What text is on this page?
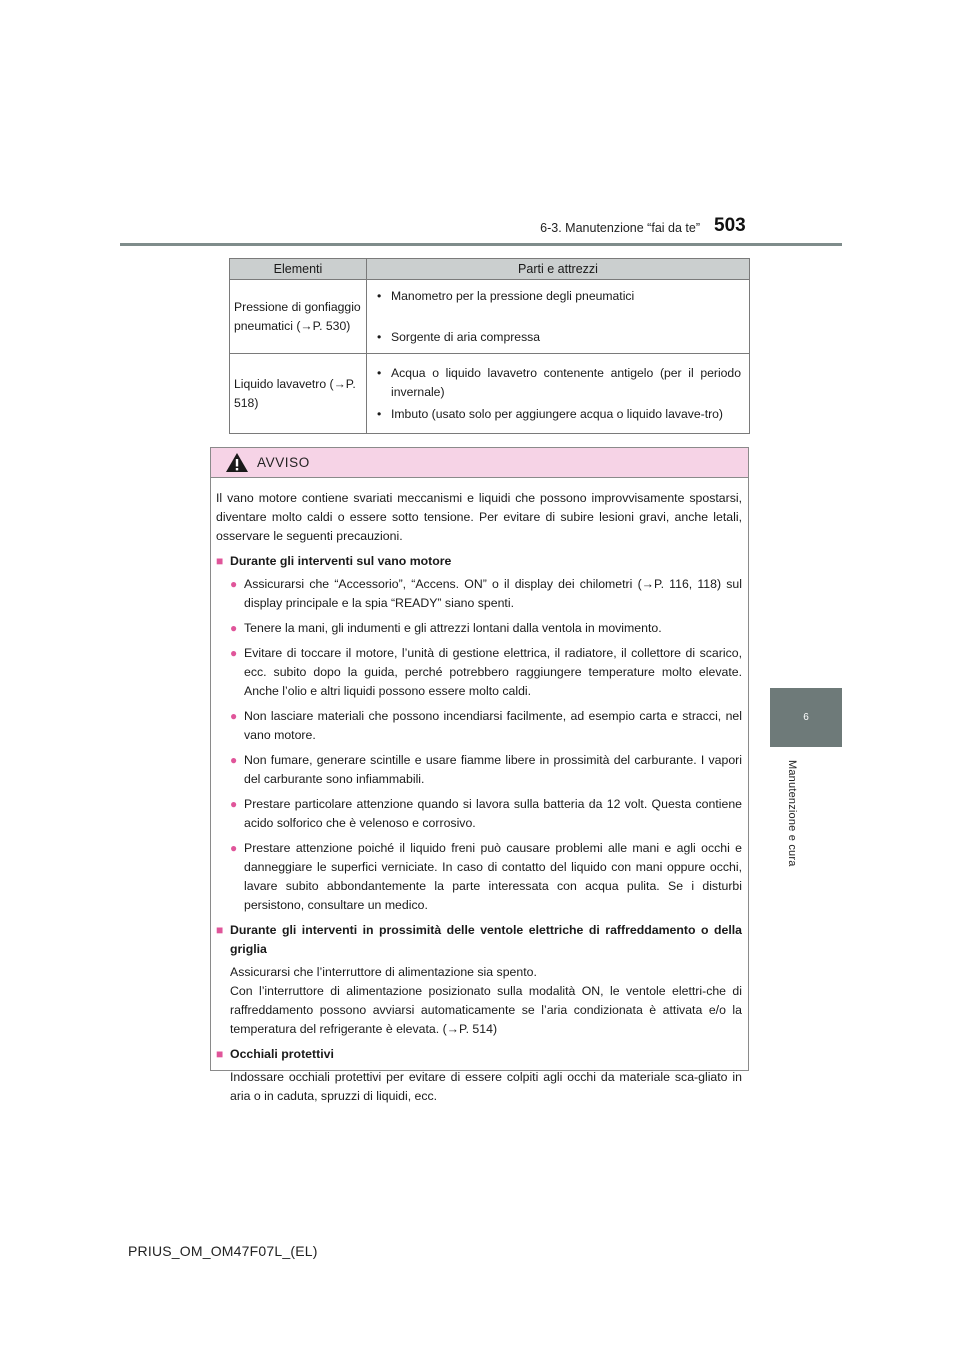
6-3. Manutenzione “fai da te” 503
6
Manutenzione e cura
Elementi	Parti e attrezzi
Pressione di gonfiaggio pneumatici (→P. 530)	• Manometro per la pressione degli pneumatici
• Sorgente di aria compressa

Liquido lavavetro (→P. 518)	• Acqua o liquido lavavetro contenente antigelo (per il periodo invernale)
• Imbuto (usato solo per aggiungere acqua o liquido lavave-tro)
AVVISO

Il vano motore contiene svariati meccanismi e liquidi che possono improvvisamente spostarsi, diventare molto caldi o essere sotto tensione. Per evitare di subire lesioni gravi, anche letali, osservare le seguenti precauzioni.

■ Durante gli interventi sul vano motore
● Assicurarsi che “Accessorio”, “Accens. ON” o il display dei chilometri (→P. 116, 118) sul display principale e la spia “READY” siano spenti.
● Tenere la mani, gli indumenti e gli attrezzi lontani dalla ventola in movimento.
● Evitare di toccare il motore, l’unità di gestione elettrica, il radiatore, il collettore di scarico, ecc. subito dopo la guida, perché potrebbero raggiungere temperature molto elevate. Anche l’olio e altri liquidi possono essere molto caldi.
● Non lasciare materiali che possono incendiarsi facilmente, ad esempio carta e stracci, nel vano motore.
● Non fumare, generare scintille e usare fiamme libere in prossimità del carburante. I vapori del carburante sono infiammabili.
● Prestare particolare attenzione quando si lavora sulla batteria da 12 volt. Questa contiene acido solforico che è velenoso e corrosivo.
● Prestare attenzione poiché il liquido freni può causare problemi alle mani e agli occhi e danneggiare le superfici verniciate. In caso di contatto del liquido con mani oppure occhi, lavare subito abbondantemente la parte interessata con acqua pulita. Se i disturbi persistono, consultare un medico.
■ Durante gli interventi in prossimità delle ventole elettriche di raffreddamento o della griglia

Assicurarsi che l’interruttore di alimentazione sia spento.
Con l’interruttore di alimentazione posizionato sulla modalità ON, le ventole elettri-che di raffreddamento possono avviarsi automaticamente se l’aria condizionata è attivata e/o la temperatura del refrigerante è elevata. (→P. 514)

■ Occhiali protettivi

Indossare occhiali protettivi per evitare di essere colpiti agli occhi da materiale sca-gliato in aria o in caduta, spruzzi di liquidi, ecc.

PRIUS_OM_OM47F07L_(EL)
